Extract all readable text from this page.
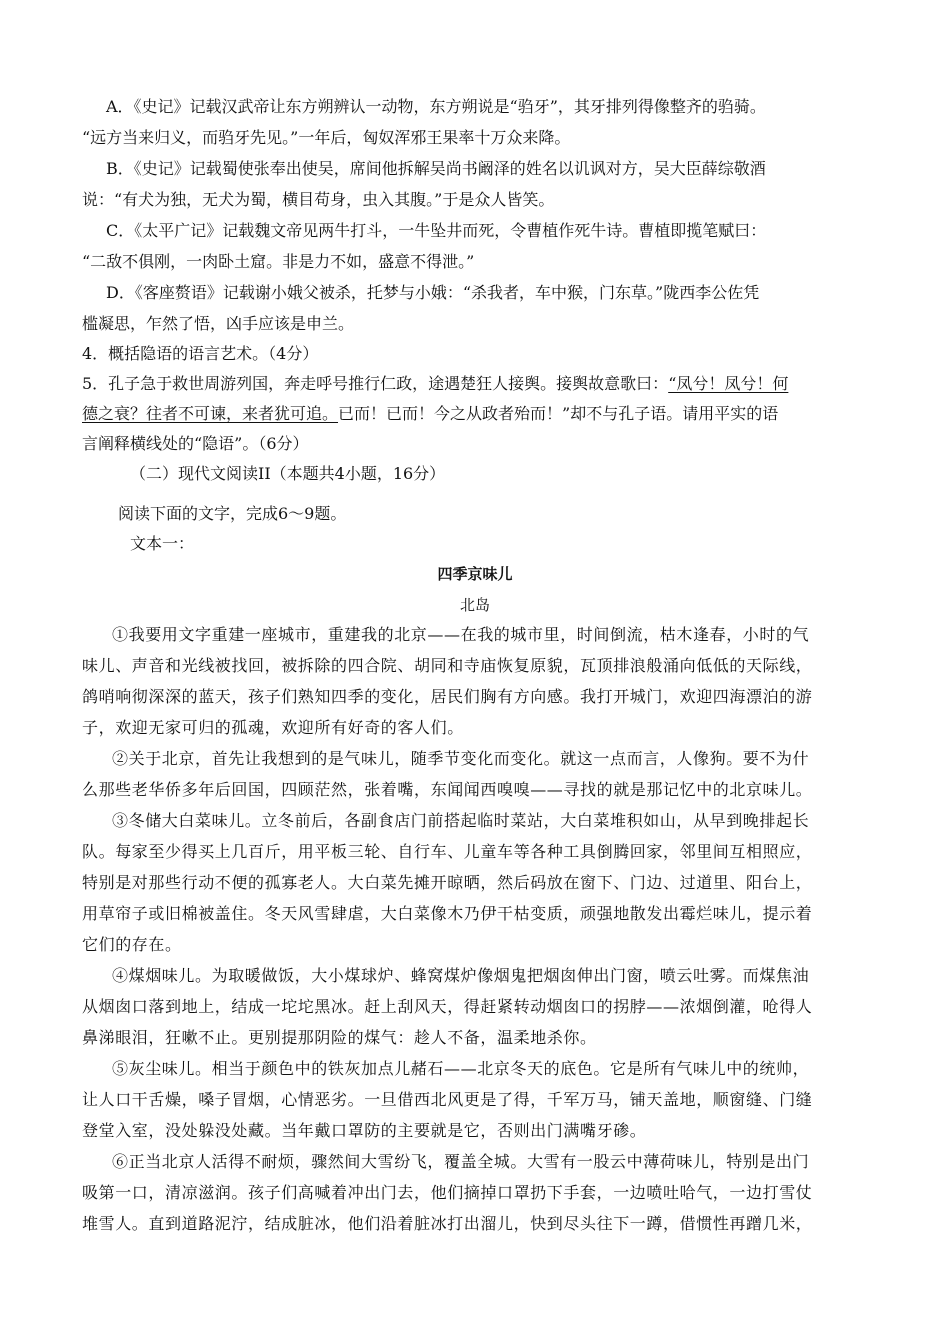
A．《史记》记载汉武帝让东方朔辨认一动物，东方朔说是“驺牙”，其牙排列得像整齐的驺骑。
“远方当来归义，而驺牙先见。”一年后，匈奴浑邪王果率十万众来降。
B．《史记》记载蜀使张奉出使吴，席间他拆解吴尚书阚泽的姓名以讥讽对方，吴大臣薛综敬酒
说：“有犬为独，无犬为蜀，横目苟身，虫入其腹。”于是众人皆笑。
C．《太平广记》记载魏文帝见两牛打斗，一牛坠井而死，令曹植作死牛诗。曹植即揽笔赋曰：
“二敌不俱刚，一肉卧土窟。非是力不如，盛意不得泄。”
D．《客座赘语》记载谢小娥父被杀，托梦与小娥：“杀我者，车中猴，门东草。”陇西李公佐凭
槛凝思，乍然了悟，凶手应该是申兰。
4．概括隐语的语言艺术。（4分）
5．孔子急于救世周游列国，奔走呼号推行仁政，途遇楚狂人接舆。接舆故意歌曰：“凤兮！凤兮！何
德之衰？往者不可谏，来者犹可追。已而！已而！今之从政者殆而！”却不与孔子语。请用平实的语
言阐释横线处的“隐语”。（6分）
（二）现代文阅读II（本题共4小题，16分）
阅读下面的文字，完成6～9题。
文本一：
四季京味儿
北岛
①我要用文字重建一座城市，重建我的北京——在我的城市里，时间倒流，枯木逢春，小时的气
味儿、声音和光线被找回，被拆除的四合院、胡同和寺庙恢复原貌，瓦顶排浪般涌向低低的天际线，
鸽哨响彻深深的蓝天，孩子们熟知四季的变化，居民们胸有方向感。我打开城门，欢迎四海漂泊的游
子，欢迎无家可归的孤魂，欢迎所有好奇的客人们。
②关于北京，首先让我想到的是气味儿，随季节变化而变化。就这一点而言，人像狗。要不为什
么那些老华侨多年后回国，四顾茫然，张着嘴，东闻闻西嗅嗅——寻找的就是那记忆中的北京味儿。
③冬储大白菜味儿。立冬前后，各副食店门前搭起临时菜站，大白菜堆积如山，从早到晚排起长
队。每家至少得买上几百斤，用平板三轮、自行车、儿童车等各种工具倒腾回家，邻里间互相照应，
特别是对那些行动不便的孤寡老人。大白菜先摊开晾晒，然后码放在窗下、门边、过道里、阳台上，
用草帘子或旧棉被盖住。冬天风雪肆虐，大白菜像木乃伊干枯变质，顽强地散发出霉烂味儿，提示着
它们的存在。
④煤烟味儿。为取暖做饭，大小煤球炉、蜂窝煤炉像烟鬼把烟囱伸出门窗，喷云吐雾。而煤焦油
从烟囱口落到地上，结成一坨坨黑冰。赶上刮风天，得赶紧转动烟囱口的拐脖——浓烟倒灌，呛得人
鼻涕眼泪，狂嗽不止。更别提那阴险的煤气：趁人不备，温柔地杀你。
⑤灰尘味儿。相当于颜色中的铁灰加点儿赭石——北京冬天的底色。它是所有气味儿中的统帅，
让人口干舌燥，嗓子冒烟，心情恶劣。一旦借西北风更是了得，千军万马，铺天盖地，顺窗缝、门缝
登堂入室，没处躲没处藏。当年戴口罩防的主要就是它，否则出门满嘴牙碜。
⑥正当北京人活得不耐烦，骤然间大雪纷飞，覆盖全城。大雪有一股云中薄荷味儿，特别是出门
吸第一口，清凉滋润。孩子们高喊着冲出门去，他们摘掉口罩扔下手套，一边喷吐哈气，一边打雪仗
堆雪人。直到道路泥泞，结成脏冰，他们沿着脏冰打出溜儿，快到尽头往下一蹲，借惯性再蹭几米，
